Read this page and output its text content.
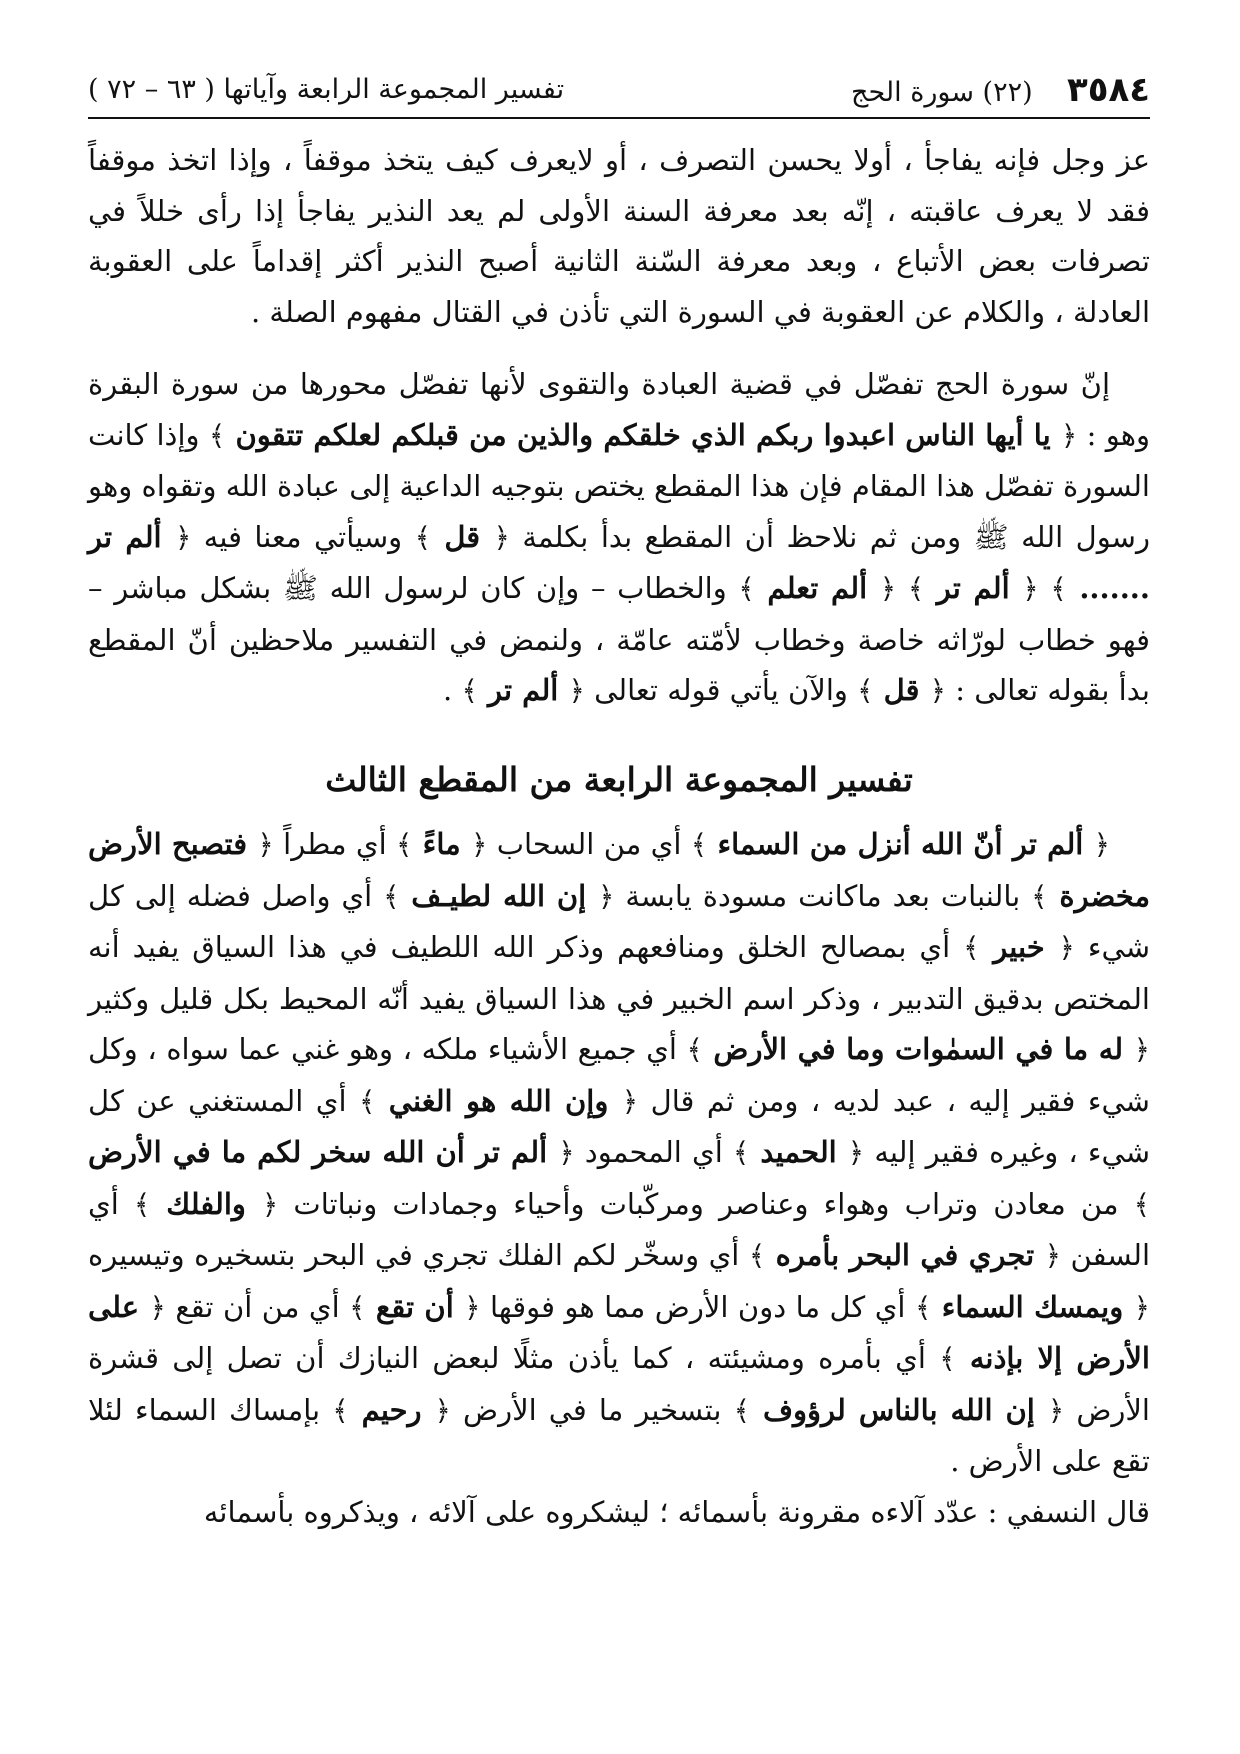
٣٥٨٤    (٢٢) سورة الحج
تفسير المجموعة الرابعة وآياتها ( ٦٣ – ٧٢ )

عز وجل فإنه يفاجأ ، أولا يحسن التصرف ، أو لايعرف كيف يتخذ موقفاً ، وإذا اتخذ موقفاً فقد لا يعرف عاقبته ، إنّه بعد معرفة السنة الأولى لم يعد النذير يفاجأ إذا رأى خللاً في تصرفات بعض الأتباع ، وبعد معرفة السّنة الثانية أصبح النذير أكثر إقداماً على العقوبة العادلة ، والكلام عن العقوبة في السورة التي تأذن في القتال مفهوم الصلة .

إنّ سورة الحج تفصّل في قضية العبادة والتقوى لأنها تفصّل محورها من سورة البقرة وهو : ﴿ يا أيها الناس اعبدوا ربكم الذي خلقكم والذين من قبلكم لعلكم تتقون ﴾ وإذا كانت السورة تفصّل هذا المقام فإن هذا المقطع يختص بتوجيه الداعية إلى عبادة الله وتقواه وهو رسول الله ﷺ ومن ثم نلاحظ أن المقطع بدأ بكلمة ﴿ قل ﴾ وسيأتي معنا فيه ﴿ ألم تر ....... ﴾ ﴿ ألم تر ﴾ ﴿ ألم تعلم ﴾ والخطاب – وإن كان لرسول الله ﷺ بشكل مباشر – فهو خطاب لورّاثه خاصة وخطاب لأمّته عامّة ، ولنمض في التفسير ملاحظين أنّ المقطع بدأ بقوله تعالى : ﴿ قل ﴾ والآن يأتي قوله تعالى ﴿ ألم تر ﴾ .

تفسير المجموعة الرابعة من المقطع الثالث

﴿ ألم تر أنّ الله أنزل من السماء ﴾ أي من السحاب ﴿ ماءً ﴾ أي مطراً ﴿ فتصبح الأرض مخضرة ﴾ بالنبات بعد ماكانت مسودة يابسة ﴿ إن الله لطيـف ﴾ أي واصل فضله إلى كل شيء ﴿ خبير ﴾ أي بمصالح الخلق ومنافعهم وذكر الله اللطيف في هذا السياق يفيد أنه المختص بدقيق التدبير ، وذكر اسم الخبير في هذا السياق يفيد أنّه المحيط بكل قليل وكثير ﴿ له ما في السمٰوات وما في الأرض ﴾ أي جميع الأشياء ملكه ، وهو غني عما سواه ، وكل شيء فقير إليه ، عبد لديه ، ومن ثم قال ﴿ وإن الله هو الغني ﴾ أي المستغني عن كل شيء ، وغيره فقير إليه ﴿ الحميد ﴾ أي المحمود ﴿ ألم تر أن الله سخر لكم ما في الأرض ﴾ من معادن وتراب وهواء وعناصر ومركّبات وأحياء وجمادات ونباتات ﴿ والفلك ﴾ أي السفن ﴿ تجري في البحر بأمره ﴾ أي وسخّر لكم الفلك تجري في البحر بتسخيره وتيسيره ﴿ ويمسك السماء ﴾ أي كل ما دون الأرض مما هو فوقها ﴿ أن تقع ﴾ أي من أن تقع ﴿ على الأرض إلا بإذنه ﴾ أي بأمره ومشيئته ، كما يأذن مثلًا لبعض النيازك أن تصل إلى قشرة الأرض ﴿ إن الله بالناس لرؤوف ﴾ بتسخير ما في الأرض ﴿ رحيم ﴾ بإمساك السماء لئلا تقع على الأرض .

قال النسفي : عدّد آلاءه مقرونة بأسمائه ؛ ليشكروه على آلائه ، ويذكروه بأسمائه
